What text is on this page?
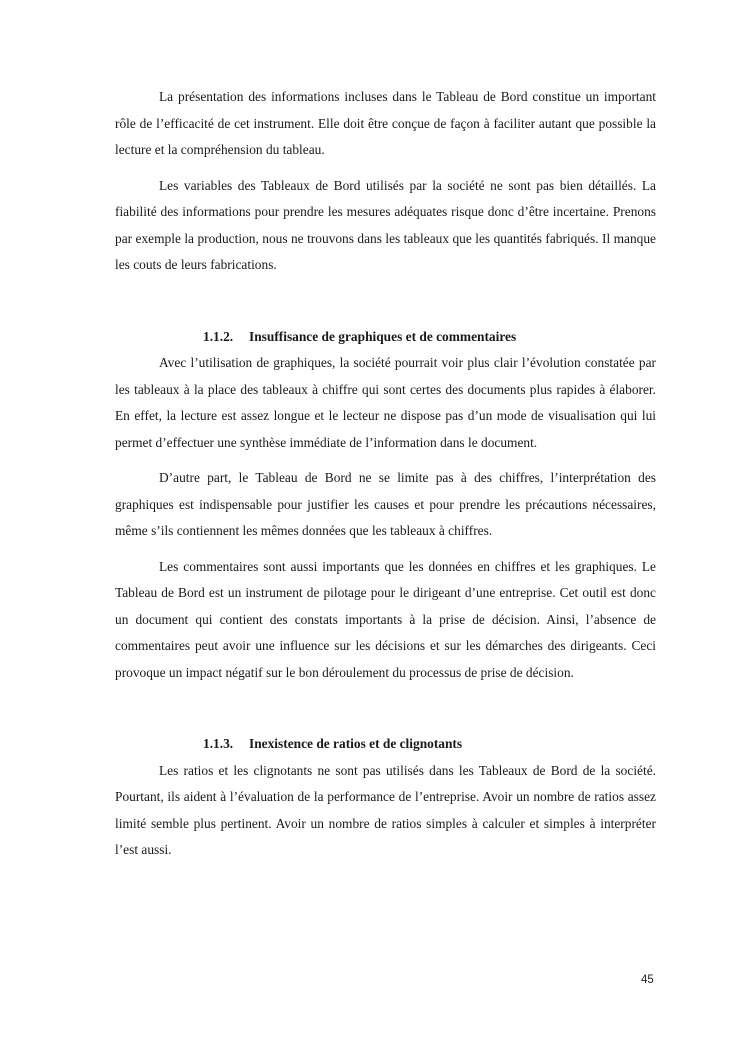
La présentation des informations incluses dans le Tableau de Bord constitue un important rôle de l’efficacité de cet instrument. Elle doit être conçue de façon à faciliter autant que possible la lecture et la compréhension du tableau.

Les variables des Tableaux de Bord utilisés par la société ne sont pas bien détaillés. La fiabilité des informations pour prendre les mesures adéquates risque donc d’être incertaine. Prenons par exemple la production, nous ne trouvons dans les tableaux que les quantités fabriqués. Il manque les couts de leurs fabrications.

1.1.2. Insuffisance de graphiques et de commentaires

Avec l’utilisation de graphiques, la société pourrait voir plus clair l’évolution constatée par les tableaux à la place des tableaux à chiffre qui sont certes des documents plus rapides à élaborer. En effet, la lecture est assez longue et le lecteur ne dispose pas d’un mode de visualisation qui lui permet d’effectuer une synthèse immédiate de l’information dans le document.

D’autre part, le Tableau de Bord ne se limite pas à des chiffres, l’interprétation des graphiques est indispensable pour justifier les causes et pour prendre les précautions nécessaires, même s’ils contiennent les mêmes données que les tableaux à chiffres.

Les commentaires sont aussi importants que les données en chiffres et les graphiques. Le Tableau de Bord est un instrument de pilotage pour le dirigeant d’une entreprise. Cet outil est donc un document qui contient des constats importants à la prise de décision. Ainsi, l’absence de commentaires peut avoir une influence sur les décisions et sur les démarches des dirigeants. Ceci provoque un impact négatif sur le bon déroulement du processus de prise de décision.

1.1.3. Inexistence de ratios et de clignotants

Les ratios et les clignotants ne sont pas utilisés dans les Tableaux de Bord de la société. Pourtant, ils aident à l’évaluation de la performance de l’entreprise. Avoir un nombre de ratios assez limité semble plus pertinent. Avoir un nombre de ratios simples à calculer et simples à interpréter l’est aussi.

45
